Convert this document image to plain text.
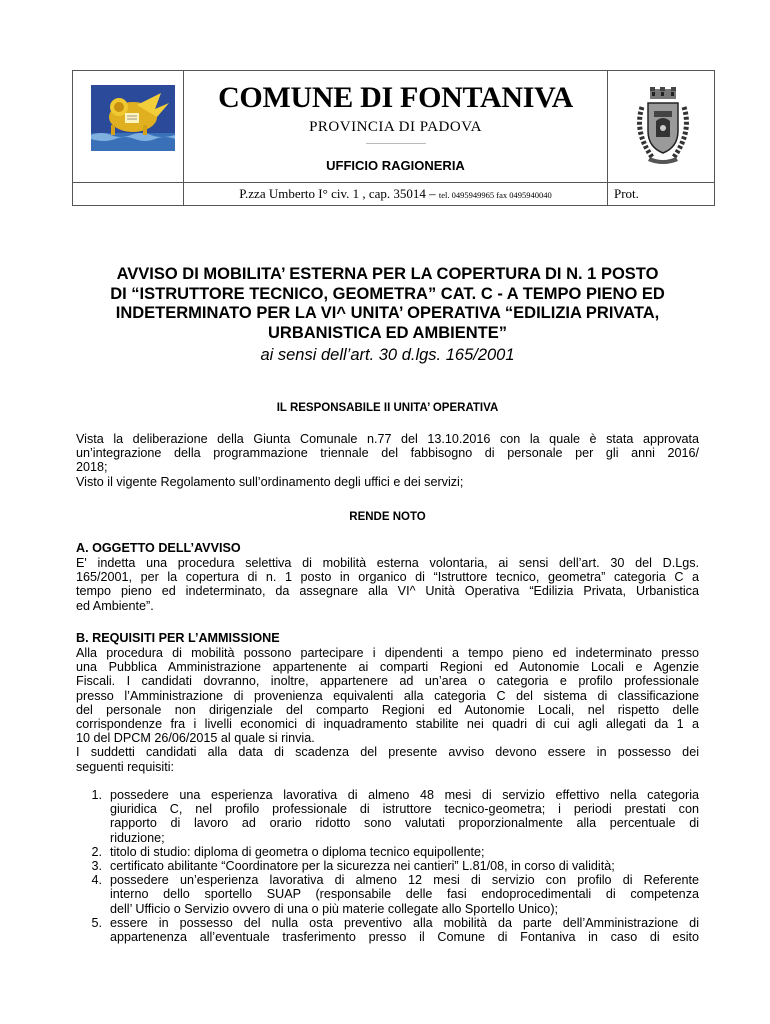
COMUNE DI FONTANIVA
PROVINCIA DI PADOVA
UFFICIO RAGIONERIA
P.zza Umberto I° civ. 1 , cap. 35014 – tel. 0495949965 fax 0495940040	Prot.
AVVISO DI MOBILITA’ ESTERNA PER LA COPERTURA DI N. 1 POSTO
DI “ISTRUTTORE TECNICO, GEOMETRA” CAT. C - A TEMPO PIENO ED
INDETERMINATO PER LA VI^ UNITA’ OPERATIVA “EDILIZIA PRIVATA,
URBANISTICA ED AMBIENTE”
ai sensi dell’art. 30 d.lgs. 165/2001
IL RESPONSABILE II UNITA’ OPERATIVA
Vista la deliberazione della Giunta Comunale n.77 del 13.10.2016 con la quale è stata approvata
un’integrazione della programmazione triennale del fabbisogno di personale per gli anni 2016/
2018;
Visto il vigente Regolamento sull’ordinamento degli uffici e dei servizi;
RENDE NOTO
A. OGGETTO DELL’AVVISO
E' indetta una procedura selettiva di mobilità esterna volontaria, ai sensi dell’art. 30 del D.Lgs.
165/2001, per la copertura di n. 1 posto in organico di “Istruttore tecnico, geometra” categoria C a
tempo pieno ed indeterminato, da assegnare alla VI^ Unità Operativa “Edilizia Privata, Urbanistica
ed Ambiente”.
B. REQUISITI PER L’AMMISSIONE
Alla procedura di mobilità possono partecipare i dipendenti a tempo pieno ed indeterminato presso
una Pubblica Amministrazione appartenente ai comparti Regioni ed Autonomie Locali e Agenzie
Fiscali. I candidati dovranno, inoltre, appartenere ad un’area o categoria e profilo professionale
presso l’Amministrazione di provenienza equivalenti alla categoria C del sistema di classificazione
del personale non dirigenziale del comparto Regioni ed Autonomie Locali, nel rispetto delle
corrispondenze fra i livelli economici di inquadramento stabilite nei quadri di cui agli allegati da 1 a
10 del DPCM 26/06/2015 al quale si rinvia.
I suddetti candidati alla data di scadenza del presente avviso devono essere in possesso dei
seguenti requisiti:
1. possedere una esperienza lavorativa di almeno 48 mesi di servizio effettivo nella categoria
giuridica C, nel profilo professionale di istruttore tecnico-geometra; i periodi prestati con
rapporto di lavoro ad orario ridotto sono valutati proporzionalmente alla percentuale di
riduzione;
2. titolo di studio: diploma di geometra o diploma tecnico equipollente;
3. certificato abilitante “Coordinatore per la sicurezza nei cantieri” L.81/08, in corso di validità;
4. possedere un’esperienza lavorativa di almeno 12 mesi di servizio con profilo di Referente
interno dello sportello SUAP (responsabile delle fasi endoprocedimentali di competenza
dell’ Ufficio o Servizio ovvero di una o più materie collegate allo Sportello Unico);
5. essere in possesso del nulla osta preventivo alla mobilità da parte dell’Amministrazione di
appartenenza all’eventuale trasferimento presso il Comune di Fontaniva in caso di esito
